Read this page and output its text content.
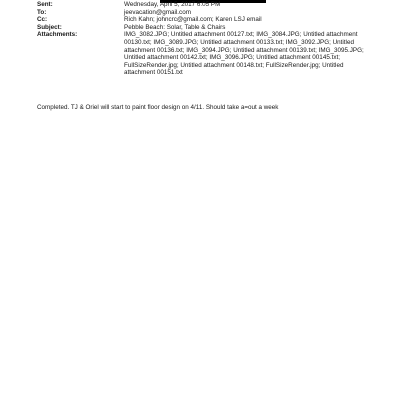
Sent:	Wednesday, April 5, 2017 6:05 PM
To:	jeevacation@gmail.com
Cc:	Rich Kahn; johncrc@gmail.com; Karen LSJ email
Subject:	Pebble Beach: Solar, Table & Chairs
Attachments:	IMG_3082.JPG; Untitled attachment 00127.txt; IMG_3084.JPG; Untitled attachment
00130.txt; IMG_3089.JPG; Untitled attachment 00133.txt; IMG_3092.JPG; Untitled
attachment 00136.txt; IMG_3094.JPG; Untitled attachment 00139.txt; IMG_3095.JPG;
Untitled attachment 00142.txt; IMG_3096.JPG; Untitled attachment 00145.txt;
FullSizeRender.jpg; Untitled attachment 00148.txt; FullSizeRender.jpg; Untitled
attachment 00151.txt
Completed. TJ & Oriel will start to paint floor design on 4/11. Should take a=out a week
